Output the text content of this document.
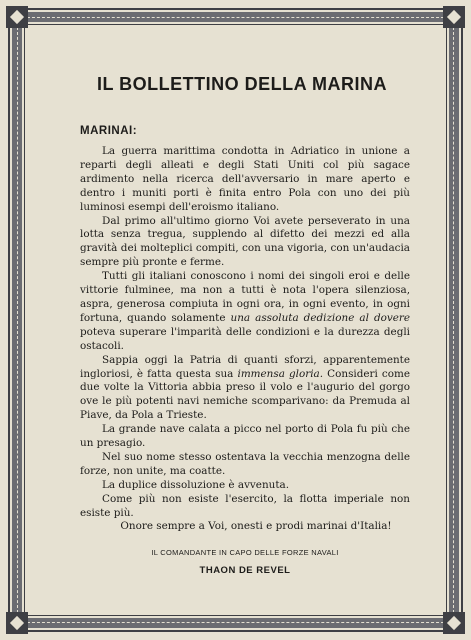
IL BOLLETTINO DELLA MARINA
MARINAI:

La guerra marittima condotta in Adriatico in unione a reparti degli alleati e degli Stati Uniti col più sagace ardimento nella ricerca dell'avversario in mare aperto e dentro i muniti porti è finita entro Pola con uno dei più luminosi esempi dell'eroismo italiano.

Dal primo all'ultimo giorno Voi avete perseverato in una lotta senza tregua, supplendo al difetto dei mezzi ed alla gravità dei molteplici compiti, con una vigoria, con un'audacia sempre più pronte e ferme.

Tutti gli italiani conoscono i nomi dei singoli eroi e delle vittorie fulminee, ma non a tutti è nota l'opera silenziosa, aspra, generosa compiuta in ogni ora, in ogni evento, in ogni fortuna, quando solamente una assoluta dedizione al dovere poteva superare l'imparità delle condizioni e la durezza degli ostacoli.

Sappia oggi la Patria di quanti sforzi, apparentemente ingloriosi, è fatta questa sua immensa gloria. Consideri come due volte la Vittoria abbia preso il volo e l'augurio del gorgo ove le più potenti navi nemiche scomparivano: da Premuda al Piave, da Pola a Trieste.

La grande nave calata a picco nel porto di Pola fu più che un presagio.

Nel suo nome stesso ostentava la vecchia menzogna delle forze, non unite, ma coatte.

La duplice dissoluzione è avvenuta.

Come più non esiste l'esercito, la flotta imperiale non esiste più.

Onore sempre a Voi, onesti e prodi marinai d'Italia!

IL COMANDANTE IN CAPO DELLE FORZE NAVALI
THAON DE REVEL
